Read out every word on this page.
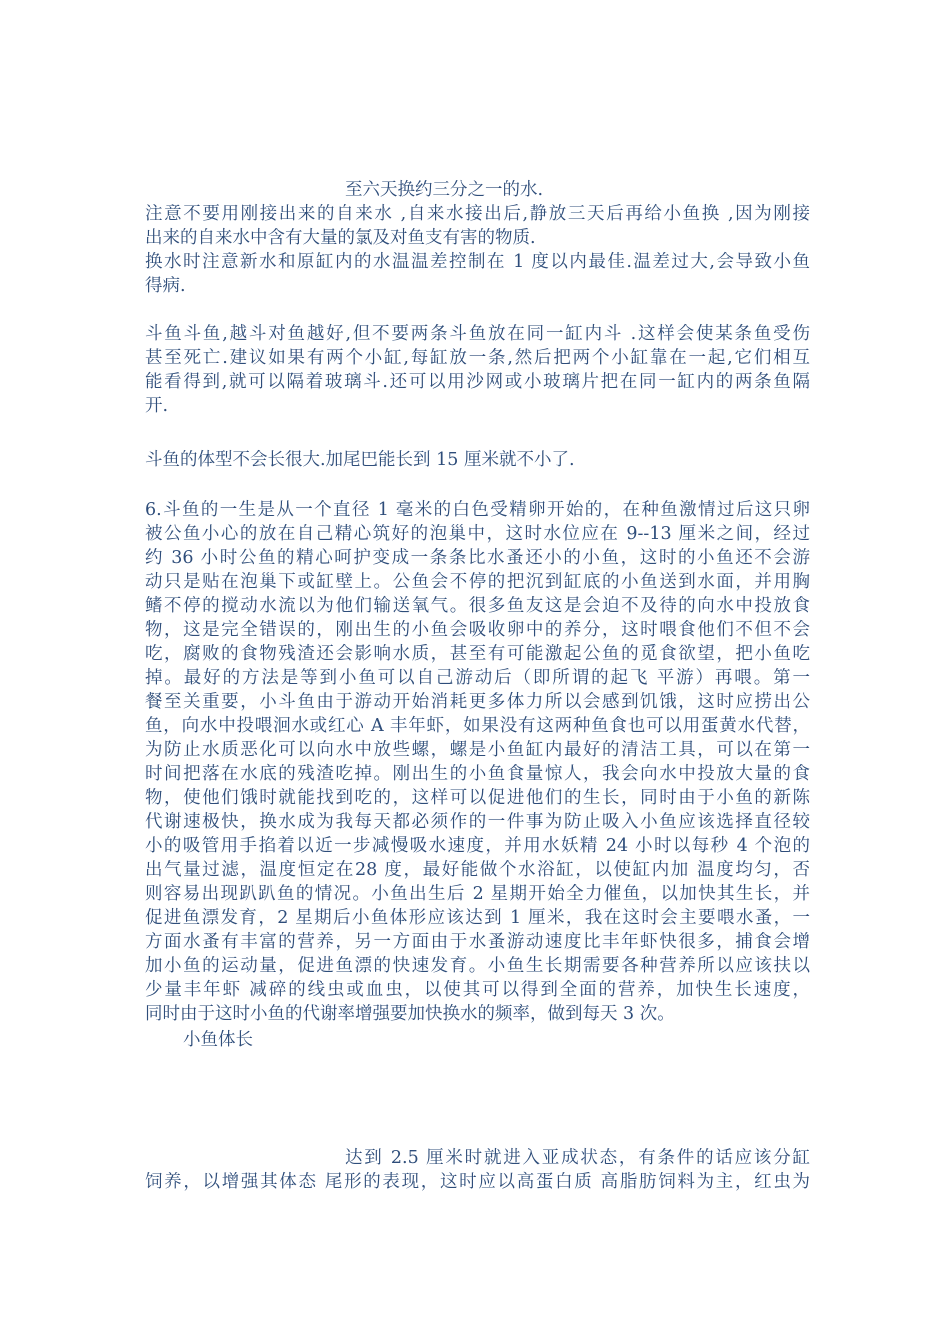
至六天换约三分之一的水.
注意不要用刚接出来的自来水 ,自来水接出后,静放三天后再给小鱼换 ,因为刚接
出来的自来水中含有大量的氯及对鱼支有害的物质.
换水时注意新水和原缸内的水温温差控制在 1 度以内最佳.温差过大,会导致小鱼
得病.
斗鱼斗鱼,越斗对鱼越好,但不要两条斗鱼放在同一缸内斗 .这样会使某条鱼受伤
甚至死亡.建议如果有两个小缸,每缸放一条,然后把两个小缸靠在一起,它们相互
能看得到,就可以隔着玻璃斗.还可以用沙网或小玻璃片把在同一缸内的两条鱼隔
开.
斗鱼的体型不会长很大.加尾巴能长到 15 厘米就不小了.
6.斗鱼的一生是从一个直径 1 毫米的白色受精卵开始的，在种鱼激情过后这只卵
被公鱼小心的放在自己精心筑好的泡巢中，这时水位应在 9--13 厘米之间，经过
约 36 小时公鱼的精心呵护变成一条条比水蚤还小的小鱼，这时的小鱼还不会游
动只是贴在泡巢下或缸壁上。公鱼会不停的把沉到缸底的小鱼送到水面，并用胸
鳍不停的搅动水流以为他们输送氧气。很多鱼友这是会迫不及待的向水中投放食
物，这是完全错误的，刚出生的小鱼会吸收卵中的养分，这时喂食他们不但不会
吃，腐败的食物残渣还会影响水质，甚至有可能激起公鱼的觅食欲望，把小鱼吃
掉。最好的方法是等到小鱼可以自己游动后（即所谓的起飞 平游）再喂。第一
餐至关重要，小斗鱼由于游动开始消耗更多体力所以会感到饥饿，这时应捞出公
鱼，向水中投喂洄水或红心 A 丰年虾，如果没有这两种鱼食也可以用蛋黄水代替，
为防止水质恶化可以向水中放些螺，螺是小鱼缸内最好的清洁工具，可以在第一
时间把落在水底的残渣吃掉。刚出生的小鱼食量惊人，我会向水中投放大量的食
物，使他们饿时就能找到吃的，这样可以促进他们的生长，同时由于小鱼的新陈
代谢速极快，换水成为我每天都必须作的一件事为防止吸入小鱼应该选择直径较
小的吸管用手掐着以近一步减慢吸水速度，并用水妖精 24 小时以每秒 4 个泡的
出气量过滤，温度恒定在28 度，最好能做个水浴缸，以使缸内加 温度均匀，否
则容易出现趴趴鱼的情况。小鱼出生后 2 星期开始全力催鱼，以加快其生长，并
促进鱼漂发育，2 星期后小鱼体形应该达到 1 厘米，我在这时会主要喂水蚤，一
方面水蚤有丰富的营养，另一方面由于水蚤游动速度比丰年虾快很多，捕食会增
加小鱼的运动量，促进鱼漂的快速发育。小鱼生长期需要各种营养所以应该扶以
少量丰年虾 减碎的线虫或血虫，以使其可以得到全面的营养，加快生长速度，
同时由于这时小鱼的代谢率增强要加快换水的频率，做到每天 3 次。
小鱼体长
达到 2.5 厘米时就进入亚成状态，有条件的话应该分缸
饲养，以增强其体态 尾形的表现，这时应以高蛋白质 高脂肪饲料为主，红虫为
